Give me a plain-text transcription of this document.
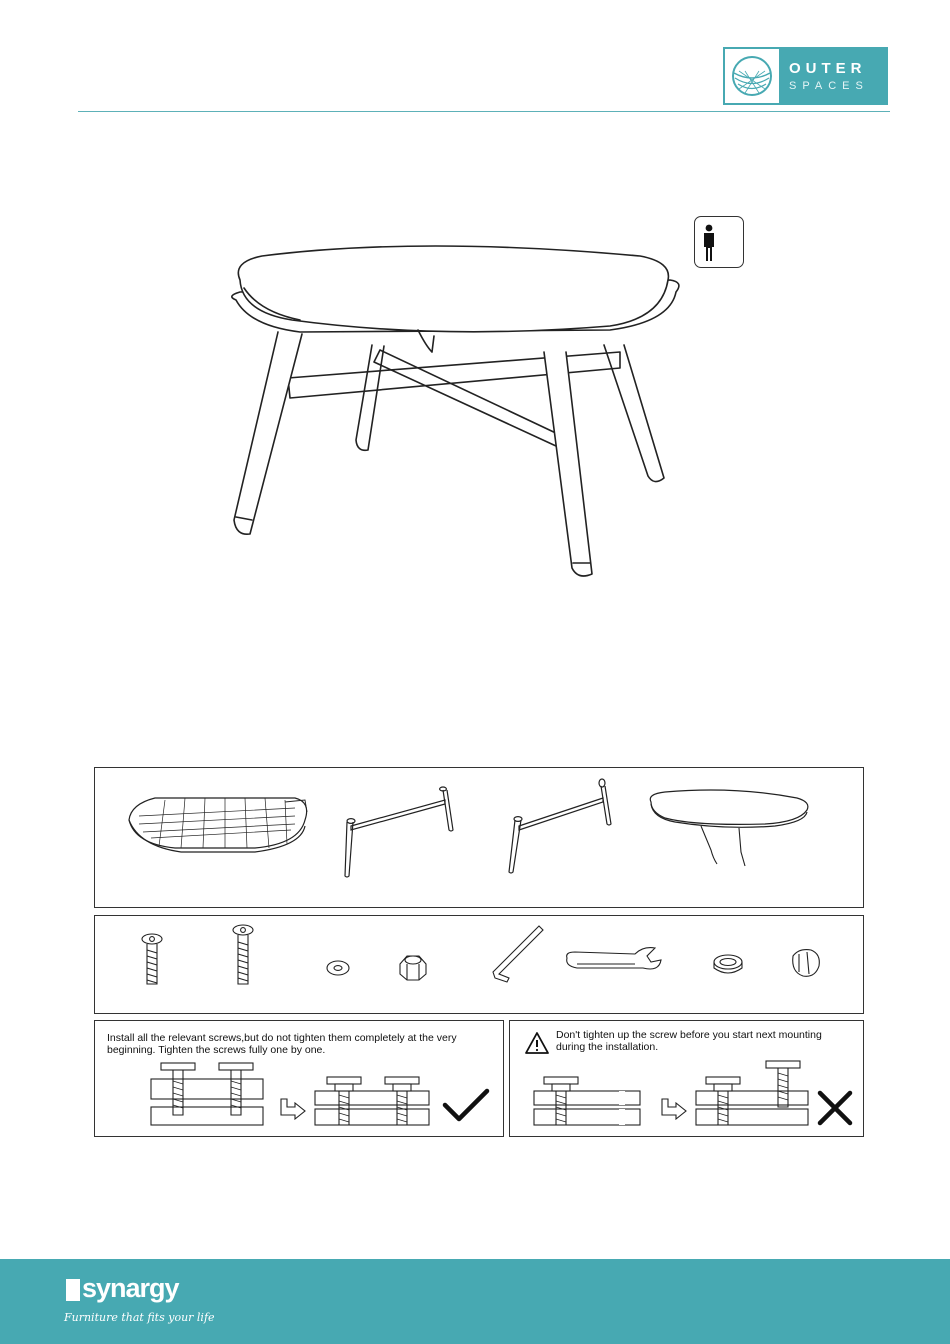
OUTER
SPACES
Install all the relevant screws,but do not tighten them completely at the very beginning. Tighten the screws fully one by one.
Don't tighten up the screw before you start next mounting during the installation.
synargy
Furniture that fits your life
